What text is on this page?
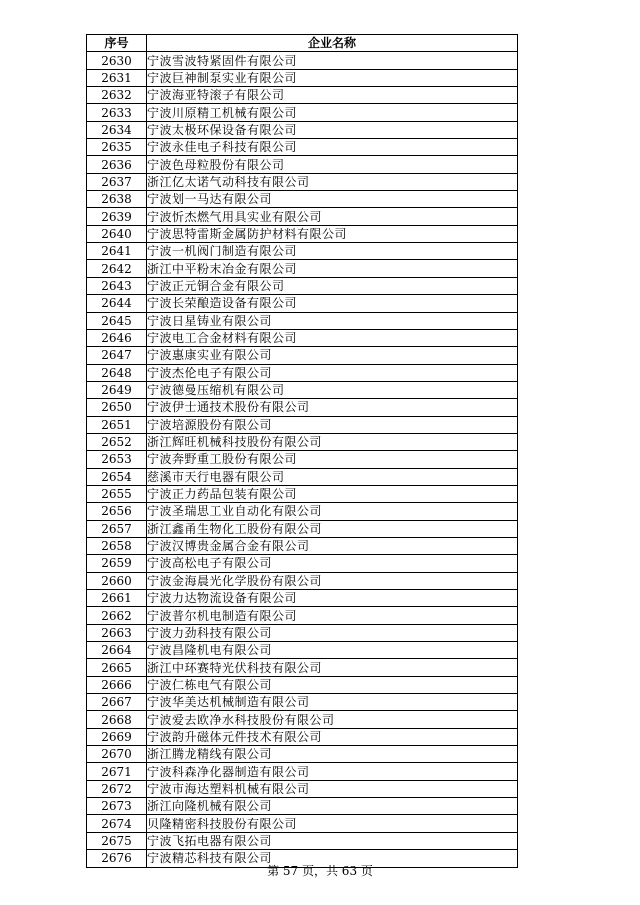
序号	企业名称
2630	宁波雪波特紧固件有限公司
2631	宁波巨神制泵实业有限公司
2632	宁波海亚特滚子有限公司
2633	宁波川原精工机械有限公司
2634	宁波太极环保设备有限公司
2635	宁波永佳电子科技有限公司
2636	宁波色母粒股份有限公司
2637	浙江亿太诺气动科技有限公司
2638	宁波划一马达有限公司
2639	宁波忻杰燃气用具实业有限公司
2640	宁波思特雷斯金属防护材料有限公司
2641	宁波一机阀门制造有限公司
2642	浙江中平粉末冶金有限公司
2643	宁波正元铜合金有限公司
2644	宁波长荣酿造设备有限公司
2645	宁波日星铸业有限公司
2646	宁波电工合金材料有限公司
2647	宁波惠康实业有限公司
2648	宁波杰伦电子有限公司
2649	宁波德曼压缩机有限公司
2650	宁波伊士通技术股份有限公司
2651	宁波培源股份有限公司
2652	浙江辉旺机械科技股份有限公司
2653	宁波奔野重工股份有限公司
2654	慈溪市天行电器有限公司
2655	宁波正力药品包装有限公司
2656	宁波圣瑞思工业自动化有限公司
2657	浙江鑫甬生物化工股份有限公司
2658	宁波汉博贵金属合金有限公司
2659	宁波高松电子有限公司
2660	宁波金海晨光化学股份有限公司
2661	宁波力达物流设备有限公司
2662	宁波普尔机电制造有限公司
2663	宁波力劲科技有限公司
2664	宁波昌隆机电有限公司
2665	浙江中环赛特光伏科技有限公司
2666	宁波仁栋电气有限公司
2667	宁波华美达机械制造有限公司
2668	宁波爱去欧净水科技股份有限公司
2669	宁波韵升磁体元件技术有限公司
2670	浙江腾龙精线有限公司
2671	宁波科森净化器制造有限公司
2672	宁波市海达塑料机械有限公司
2673	浙江向隆机械有限公司
2674	贝隆精密科技股份有限公司
2675	宁波飞拓电器有限公司
2676	宁波精芯科技有限公司
第 57 页，共 63 页
